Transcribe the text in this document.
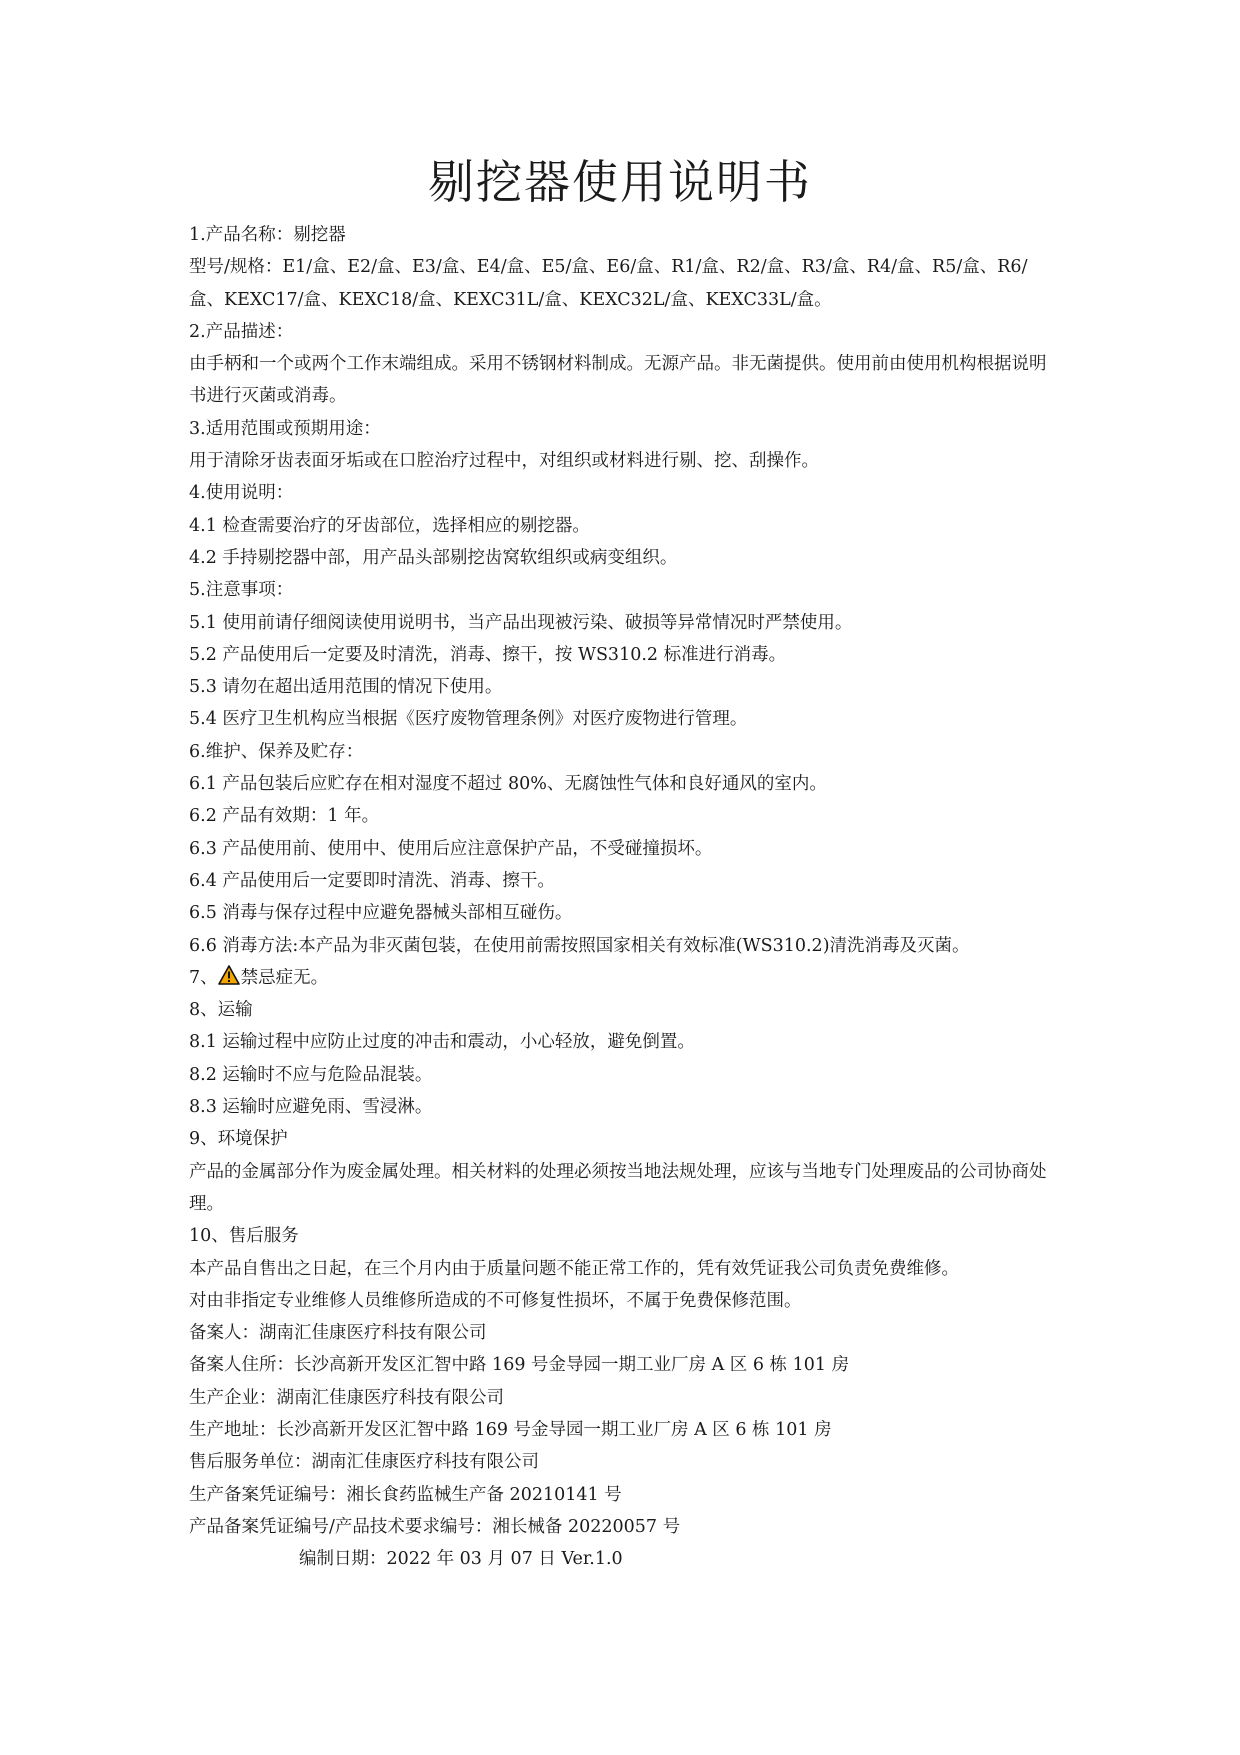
剔挖器使用说明书
1.产品名称：剔挖器
型号/规格：E1/盒、E2/盒、E3/盒、E4/盒、E5/盒、E6/盒、R1/盒、R2/盒、R3/盒、R4/盒、R5/盒、R6/盒、KEXC17/盒、KEXC18/盒、KEXC31L/盒、KEXC32L/盒、KEXC33L/盒。
2.产品描述：
由手柄和一个或两个工作末端组成。采用不锈钢材料制成。无源产品。非无菌提供。使用前由使用机构根据说明书进行灭菌或消毒。
3.适用范围或预期用途：
用于清除牙齿表面牙垢或在口腔治疗过程中，对组织或材料进行剔、挖、刮操作。
4.使用说明：
4.1 检查需要治疗的牙齿部位，选择相应的剔挖器。
4.2 手持剔挖器中部，用产品头部剔挖齿窝软组织或病变组织。
5.注意事项：
5.1 使用前请仔细阅读使用说明书，当产品出现被污染、破损等异常情况时严禁使用。
5.2 产品使用后一定要及时清洗，消毒、擦干，按 WS310.2 标准进行消毒。
5.3 请勿在超出适用范围的情况下使用。
5.4 医疗卫生机构应当根据《医疗废物管理条例》对医疗废物进行管理。
6.维护、保养及贮存：
6.1 产品包装后应贮存在相对湿度不超过 80%、无腐蚀性气体和良好通风的室内。
6.2 产品有效期：1 年。
6.3 产品使用前、使用中、使用后应注意保护产品，不受碰撞损坏。
6.4 产品使用后一定要即时清洗、消毒、擦干。
6.5 消毒与保存过程中应避免器械头部相互碰伤。
6.6 消毒方法:本产品为非灭菌包装，在使用前需按照国家相关有效标准(WS310.2)清洗消毒及灭菌。
7、 禁忌症无。
8、运输
8.1 运输过程中应防止过度的冲击和震动，小心轻放，避免倒置。
8.2 运输时不应与危险品混装。
8.3 运输时应避免雨、雪浸淋。
9、环境保护
产品的金属部分作为废金属处理。相关材料的处理必须按当地法规处理，应该与当地专门处理废品的公司协商处理。
10、售后服务
本产品自售出之日起，在三个月内由于质量问题不能正常工作的，凭有效凭证我公司负责免费维修。
对由非指定专业维修人员维修所造成的不可修复性损坏，不属于免费保修范围。
备案人：湖南汇佳康医疗科技有限公司
备案人住所：长沙高新开发区汇智中路 169 号金导园一期工业厂房 A 区 6 栋 101 房
生产企业：湖南汇佳康医疗科技有限公司
生产地址：长沙高新开发区汇智中路 169 号金导园一期工业厂房 A 区 6 栋 101 房
售后服务单位：湖南汇佳康医疗科技有限公司
生产备案凭证编号：湘长食药监械生产备 20210141 号
产品备案凭证编号/产品技术要求编号：湘长械备 20220057 号
编制日期：2022 年 03 月 07 日 Ver.1.0
